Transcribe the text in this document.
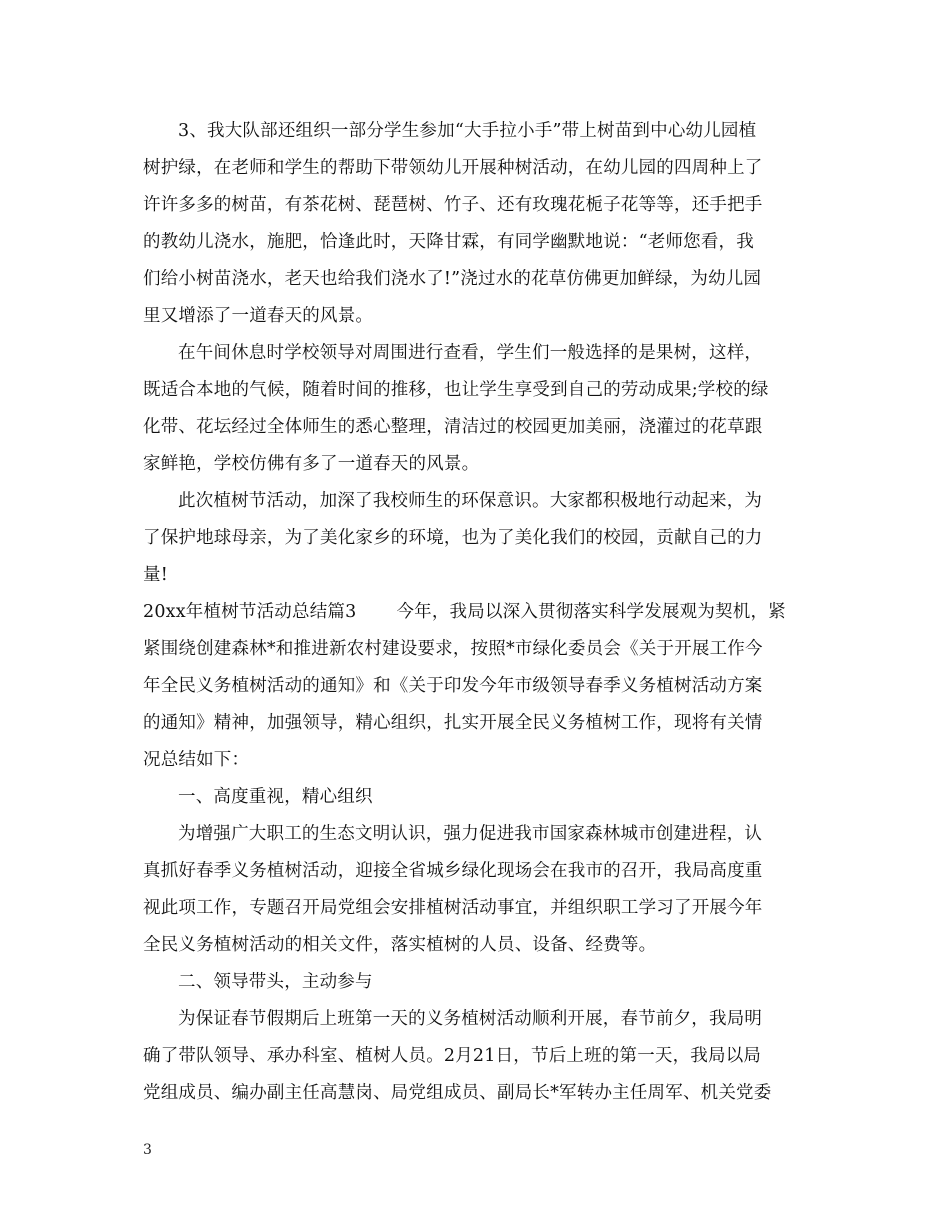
3、我大队部还组织一部分学生参加“大手拉小手”带上树苗到中心幼儿园植
树护绿，在老师和学生的帮助下带领幼儿开展种树活动，在幼儿园的四周种上了
许许多多的树苗，有茶花树、琵琶树、竹子、还有玫瑰花栀子花等等，还手把手
的教幼儿浇水，施肥，恰逢此时，天降甘霖，有同学幽默地说：“老师您看，我
们给小树苗浇水，老天也给我们浇水了!”浇过水的花草仿佛更加鲜绿，为幼儿园
里又增添了一道春天的风景。
在午间休息时学校领导对周围进行查看，学生们一般选择的是果树，这样，
既适合本地的气候，随着时间的推移，也让学生享受到自己的劳动成果;学校的绿
化带、花坛经过全体师生的悉心整理，清洁过的校园更加美丽，浇灌过的花草跟
家鲜艳，学校仿佛有多了一道春天的风景。
此次植树节活动，加深了我校师生的环保意识。大家都积极地行动起来，为
了保护地球母亲，为了美化家乡的环境，也为了美化我们的校园，贡献自己的力
量!
20xx年植树节活动总结篇3 今年，我局以深入贯彻落实科学发展观为契机，紧
紧围绕创建森林*和推进新农村建设要求，按照*市绿化委员会《关于开展工作今
年全民义务植树活动的通知》和《关于印发今年市级领导春季义务植树活动方案
的通知》精神，加强领导，精心组织，扎实开展全民义务植树工作，现将有关情
况总结如下：
一、高度重视，精心组织
为增强广大职工的生态文明认识，强力促进我市国家森林城市创建进程，认
真抓好春季义务植树活动，迎接全省城乡绿化现场会在我市的召开，我局高度重
视此项工作，专题召开局党组会安排植树活动事宜，并组织职工学习了开展今年
全民义务植树活动的相关文件，落实植树的人员、设备、经费等。
二、领导带头，主动参与
为保证春节假期后上班第一天的义务植树活动顺利开展，春节前夕，我局明
确了带队领导、承办科室、植树人员。2月21日，节后上班的第一天，我局以局
党组成员、编办副主任高慧岗、局党组成员、副局长*军转办主任周军、机关党委
3
